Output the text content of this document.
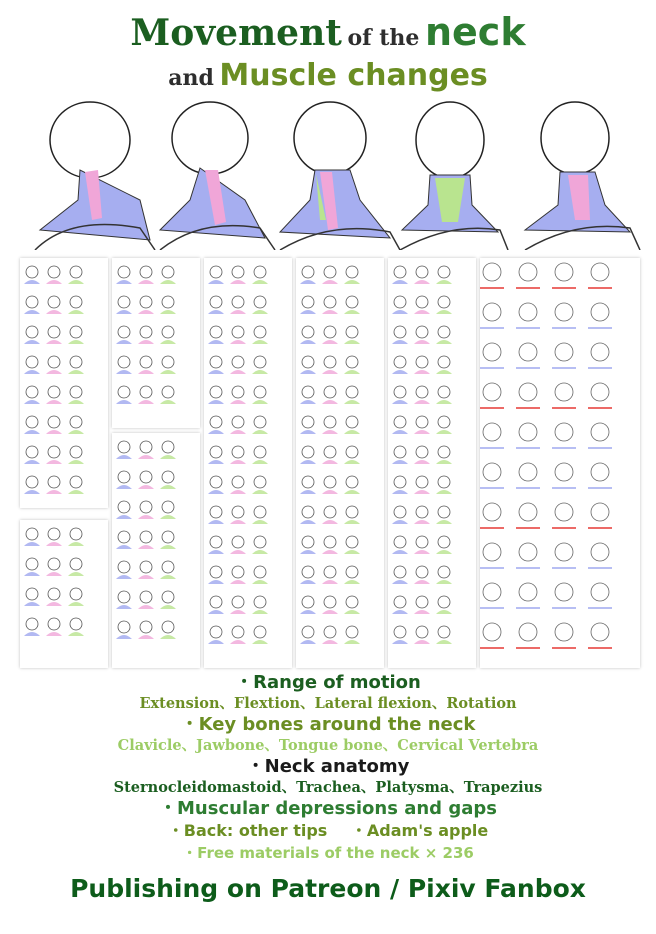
Movement of the neck
and Muscle changes
・Range of motion
Extension、Flextion、Lateral flexion、Rotation
・Key bones around the neck
Clavicle、Jawbone、Tongue bone、Cervical Vertebra
・Neck anatomy
Sternocleidomastoid、Trachea、Platysma、Trapezius
・Muscular depressions and gaps
・Back: other tips ・Adam's apple
・Free materials of the neck × 236
Publishing on Patreon / Pixiv Fanbox
